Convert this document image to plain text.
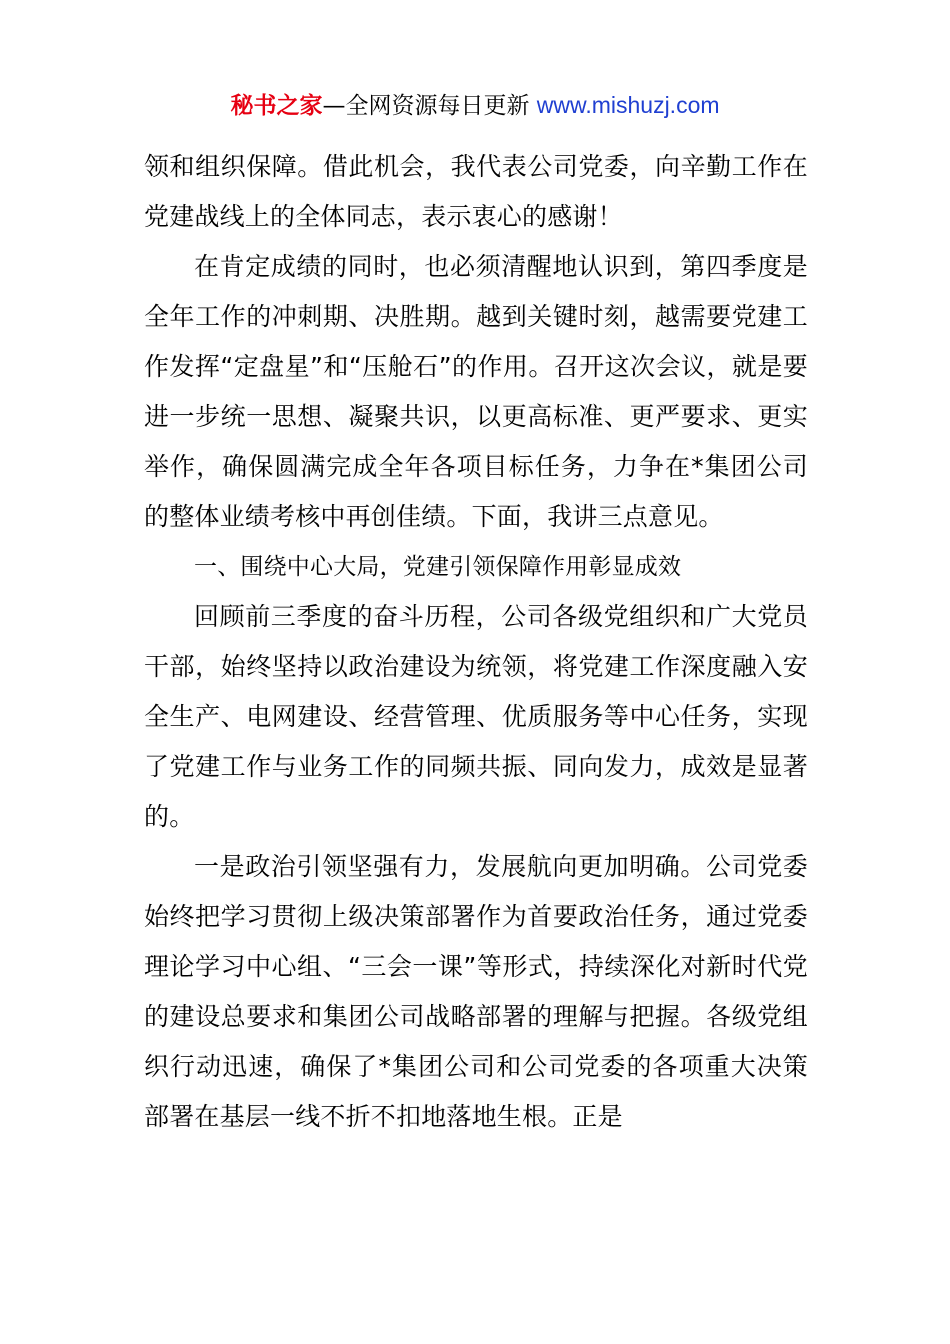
秘书之家—全网资源每日更新 www.mishuzj.com

领和组织保障。借此机会，我代表公司党委，向辛勤工作在党建战线上的全体同志，表示衷心的感谢！

在肯定成绩的同时，也必须清醒地认识到，第四季度是全年工作的冲刺期、决胜期。越到关键时刻，越需要党建工作发挥“定盘星”和“压舱石”的作用。召开这次会议，就是要进一步统一思想、凝聚共识，以更高标准、更严要求、更实举作，确保圆满完成全年各项目标任务，力争在*集团公司的整体业绩考核中再创佳绩。下面，我讲三点意见。

一、围绕中心大局，党建引领保障作用彰显成效

回顾前三季度的奋斗历程，公司各级党组织和广大党员干部，始终坚持以政治建设为统领，将党建工作深度融入安全生产、电网建设、经营管理、优质服务等中心任务，实现了党建工作与业务工作的同频共振、同向发力，成效是显著的。

一是政治引领坚强有力，发展航向更加明确。公司党委始终把学习贯彻上级决策部署作为首要政治任务，通过党委理论学习中心组、“三会一课”等形式，持续深化对新时代党的建设总要求和集团公司战略部署的理解与把握。各级党组织行动迅速，确保了*集团公司和公司党委的各项重大决策部署在基层一线不折不扣地落地生根。正是
